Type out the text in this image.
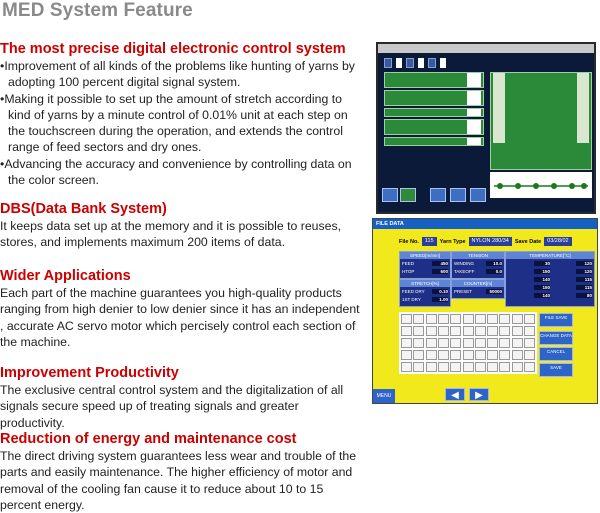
MED System Feature
The most precise digital electronic control system
• Improvement of all kinds of the problems like hunting of yarns by adopting 100 percent digital signal system.
• Making it possible to set up the amount of stretch according to kind of yarns by a minute control of 0.01% unit at each step on the touchscreen during the operation, and extends the control range of feed sectors and dry ones.
• Advancing the accuracy and convenience by controlling data on the color screen.
DBS(Data Bank System)

It keeps data set up at the memory and it is possible to reuses, stores, and implements maximum 200 items of data.

Wider Applications

Each part of the machine guarantees you high-quality products ranging from high denier to low denier since it has an independent , accurate AC servo motor which percisely control each section of the machine.

Improvement Productivity

The exclusive central control system and the digitalization of all signals secure speed up of treating signals and greater productivity.

Reduction of energy and maintenance cost

The direct driving system guarantees less wear and trouble of the parts and easily maintenance. The higher efficiency of motor and removal of the cooling fan cause it to reduce about 10 to 15 percent energy.

FILE DATA
File No.	115	Yarn Type	NYLON 280/34	Save Date	03/28/02
SPEED[m/min]
FEED	450
HTOP	600
TENSION
WINDING	10.0
TAKEOFF	0.0
STRETCH[%]
FEED DRY	0.10
1ST DRY	1.00
COUNTER[m]
PRESET	50000
TEMPERATURE[°C]
30	120
150	120
140	115
150	115
140	80
FILE SAVE
CHANGE DATA
CANCEL
SAVE
MENU	◀	▶
